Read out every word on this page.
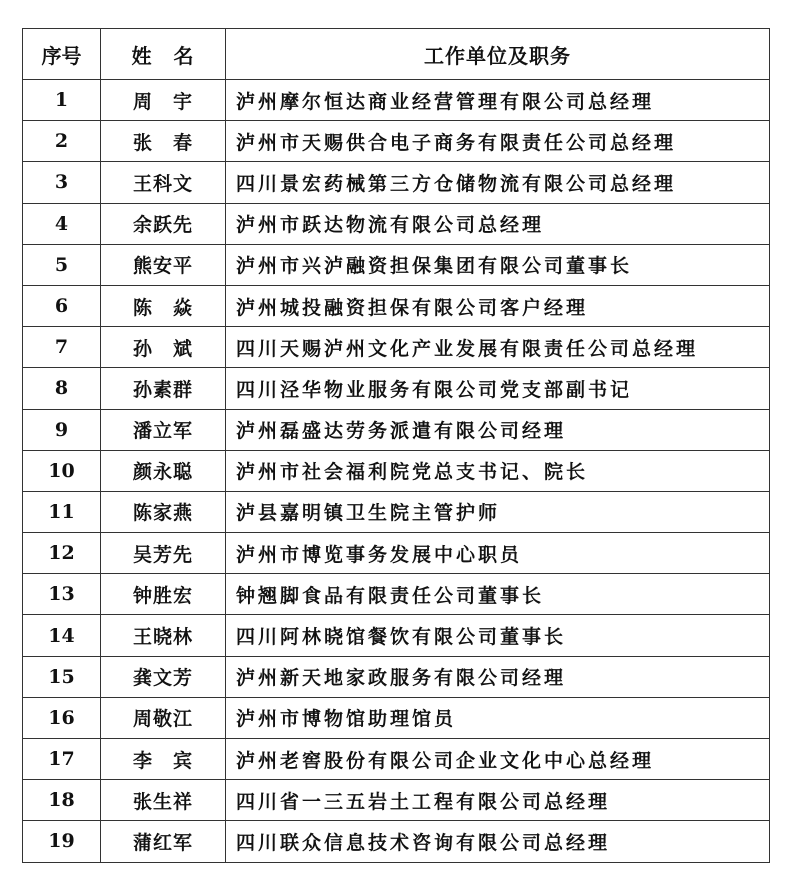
序号	姓　名	工作单位及职务
1	周　宇	泸州摩尔恒达商业经营管理有限公司总经理
2	张　春	泸州市天赐供合电子商务有限责任公司总经理
3	王科文	四川景宏药械第三方仓储物流有限公司总经理
4	余跃先	泸州市跃达物流有限公司总经理
5	熊安平	泸州市兴泸融资担保集团有限公司董事长
6	陈　焱	泸州城投融资担保有限公司客户经理
7	孙　斌	四川天赐泸州文化产业发展有限责任公司总经理
8	孙素群	四川泾华物业服务有限公司党支部副书记
9	潘立军	泸州磊盛达劳务派遣有限公司经理
10	颜永聪	泸州市社会福利院党总支书记、院长
11	陈家燕	泸县嘉明镇卫生院主管护师
12	吴芳先	泸州市博览事务发展中心职员
13	钟胜宏	钟翘脚食品有限责任公司董事长
14	王晓林	四川阿林晓馆餐饮有限公司董事长
15	龚文芳	泸州新天地家政服务有限公司经理
16	周敬江	泸州市博物馆助理馆员
17	李　宾	泸州老窖股份有限公司企业文化中心总经理
18	张生祥	四川省一三五岩土工程有限公司总经理
19	蒲红军	四川联众信息技术咨询有限公司总经理
